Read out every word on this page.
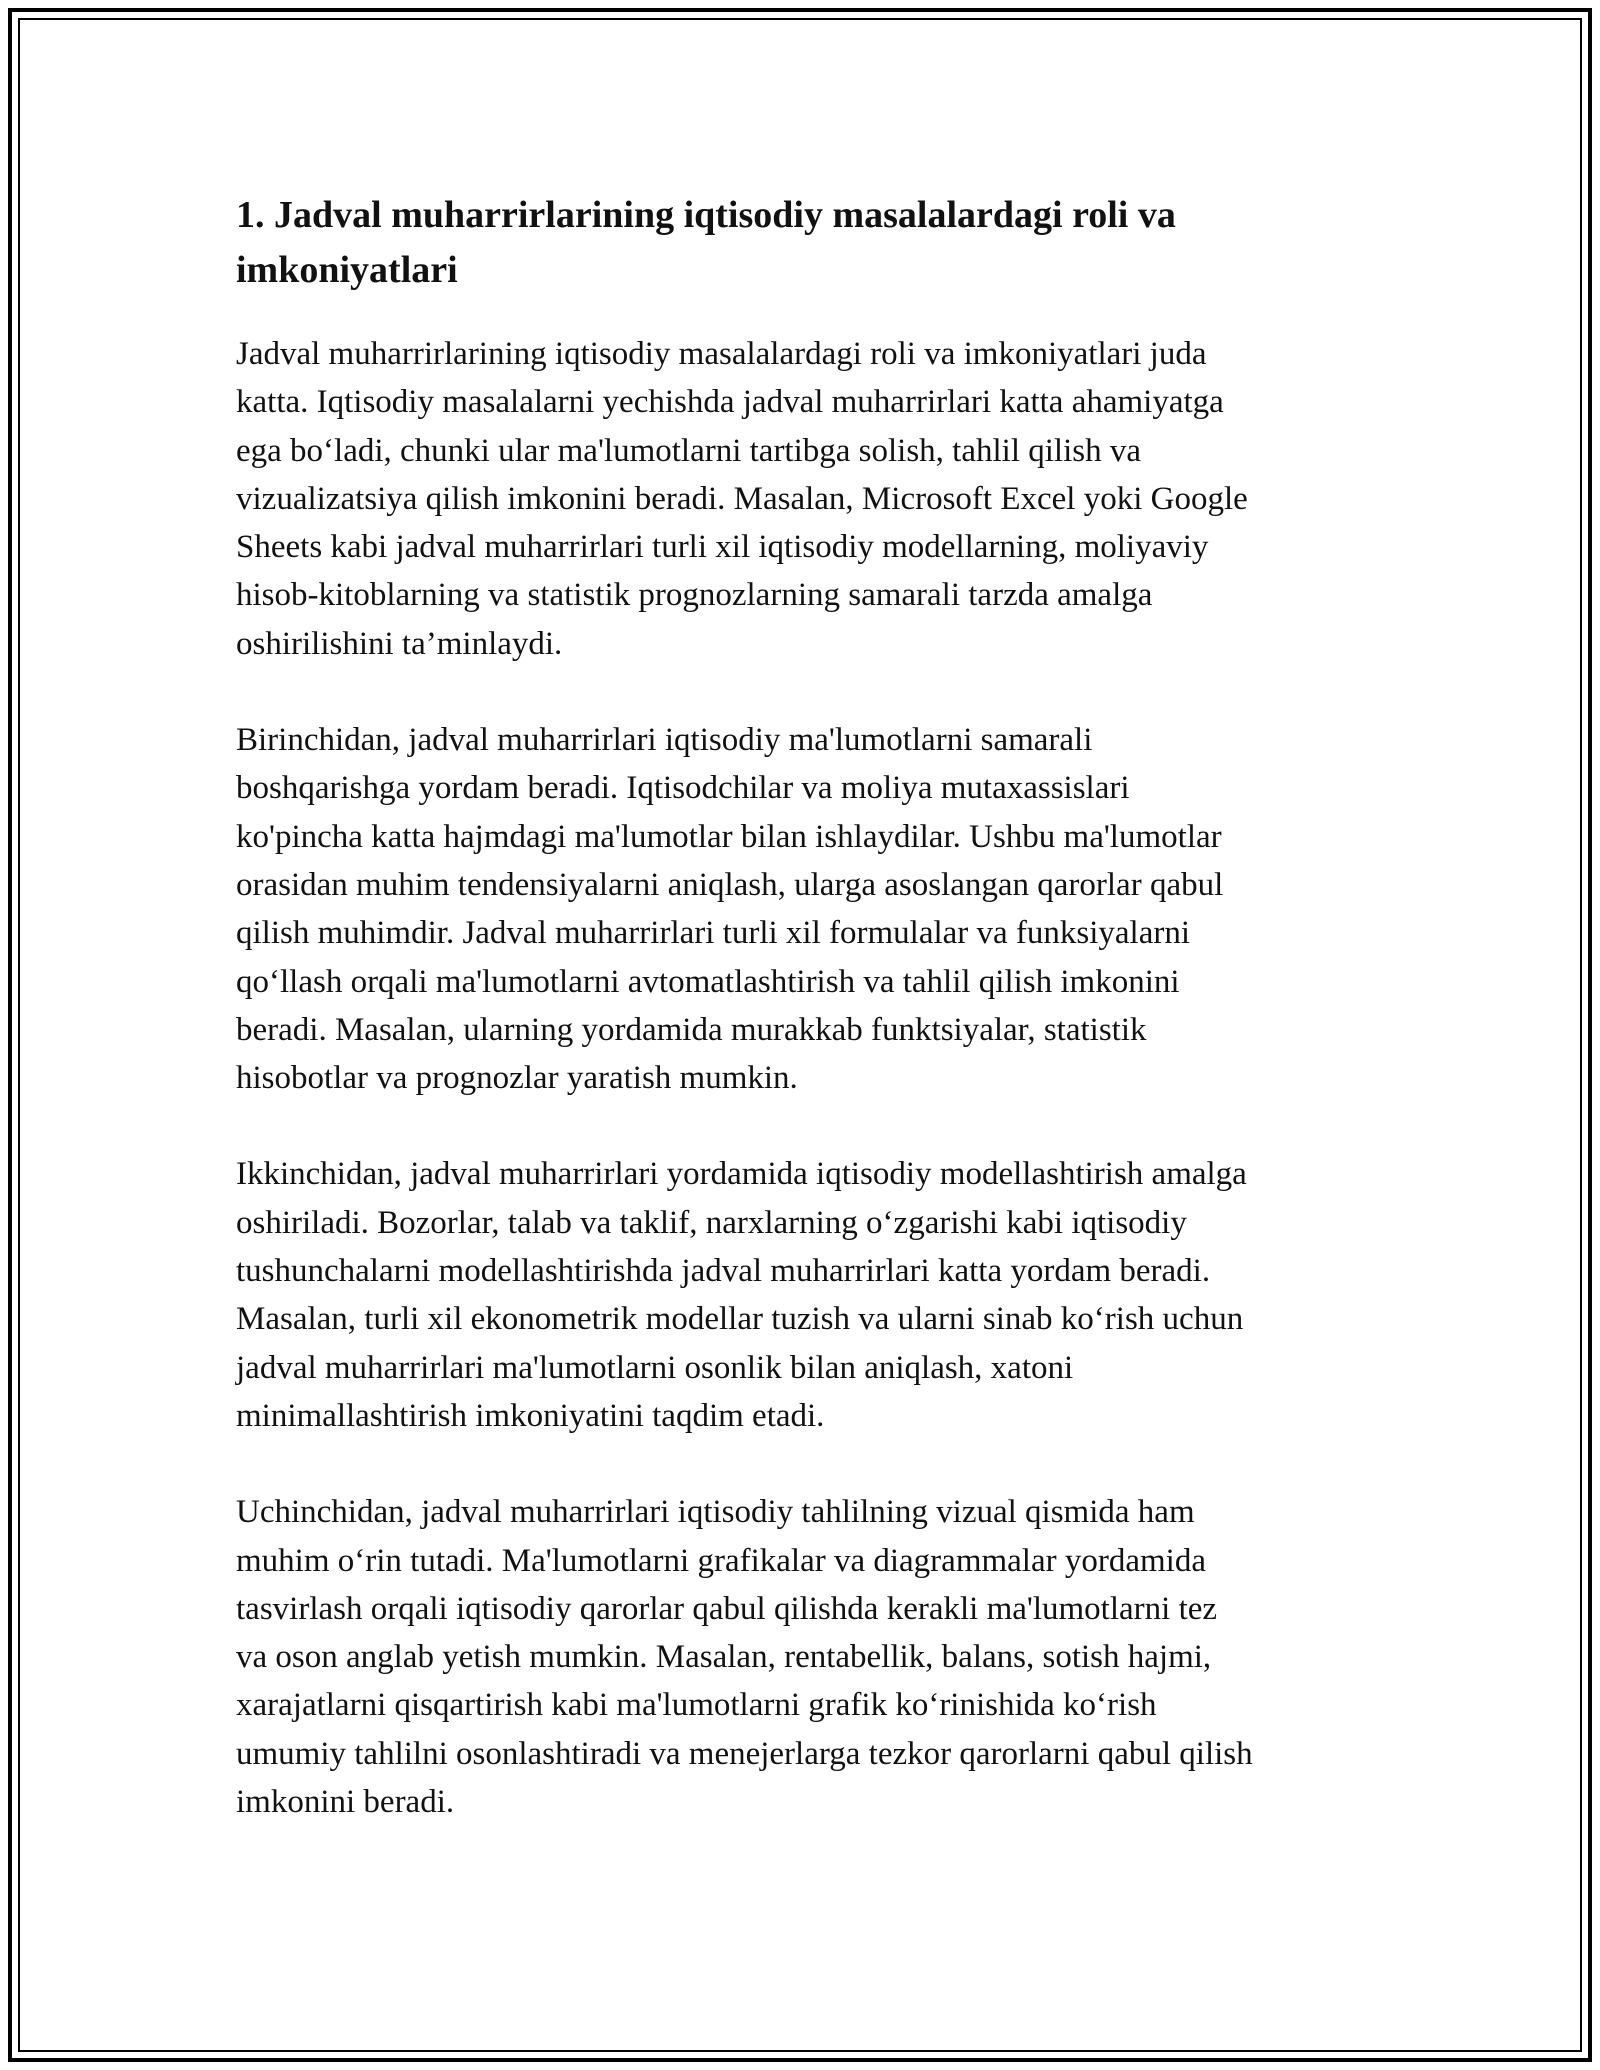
1. Jadval muharrirlarining iqtisodiy masalalardagi roli va
imkoniyatlari

Jadval muharrirlarining iqtisodiy masalalardagi roli va imkoniyatlari juda
katta. Iqtisodiy masalalarni yechishda jadval muharrirlari katta ahamiyatga
ega bo‘ladi, chunki ular ma'lumotlarni tartibga solish, tahlil qilish va
vizualizatsiya qilish imkonini beradi. Masalan, Microsoft Excel yoki Google
Sheets kabi jadval muharrirlari turli xil iqtisodiy modellarning, moliyaviy
hisob-kitoblarning va statistik prognozlarning samarali tarzda amalga
oshirilishini ta’minlaydi.

Birinchidan, jadval muharrirlari iqtisodiy ma'lumotlarni samarali
boshqarishga yordam beradi. Iqtisodchilar va moliya mutaxassislari
ko'pincha katta hajmdagi ma'lumotlar bilan ishlaydilar. Ushbu ma'lumotlar
orasidan muhim tendensiyalarni aniqlash, ularga asoslangan qarorlar qabul
qilish muhimdir. Jadval muharrirlari turli xil formulalar va funksiyalarni
qo‘llash orqali ma'lumotlarni avtomatlashtirish va tahlil qilish imkonini
beradi. Masalan, ularning yordamida murakkab funktsiyalar, statistik
hisobotlar va prognozlar yaratish mumkin.

Ikkinchidan, jadval muharrirlari yordamida iqtisodiy modellashtirish amalga
oshiriladi. Bozorlar, talab va taklif, narxlarning o‘zgarishi kabi iqtisodiy
tushunchalarni modellashtirishda jadval muharrirlari katta yordam beradi.
Masalan, turli xil ekonometrik modellar tuzish va ularni sinab ko‘rish uchun
jadval muharrirlari ma'lumotlarni osonlik bilan aniqlash, xatoni
minimallashtirish imkoniyatini taqdim etadi.

Uchinchidan, jadval muharrirlari iqtisodiy tahlilning vizual qismida ham
muhim o‘rin tutadi. Ma'lumotlarni grafikalar va diagrammalar yordamida
tasvirlash orqali iqtisodiy qarorlar qabul qilishda kerakli ma'lumotlarni tez
va oson anglab yetish mumkin. Masalan, rentabellik, balans, sotish hajmi,
xarajatlarni qisqartirish kabi ma'lumotlarni grafik ko‘rinishida ko‘rish
umumiy tahlilni osonlashtiradi va menejerlarga tezkor qarorlarni qabul qilish
imkonini beradi.
